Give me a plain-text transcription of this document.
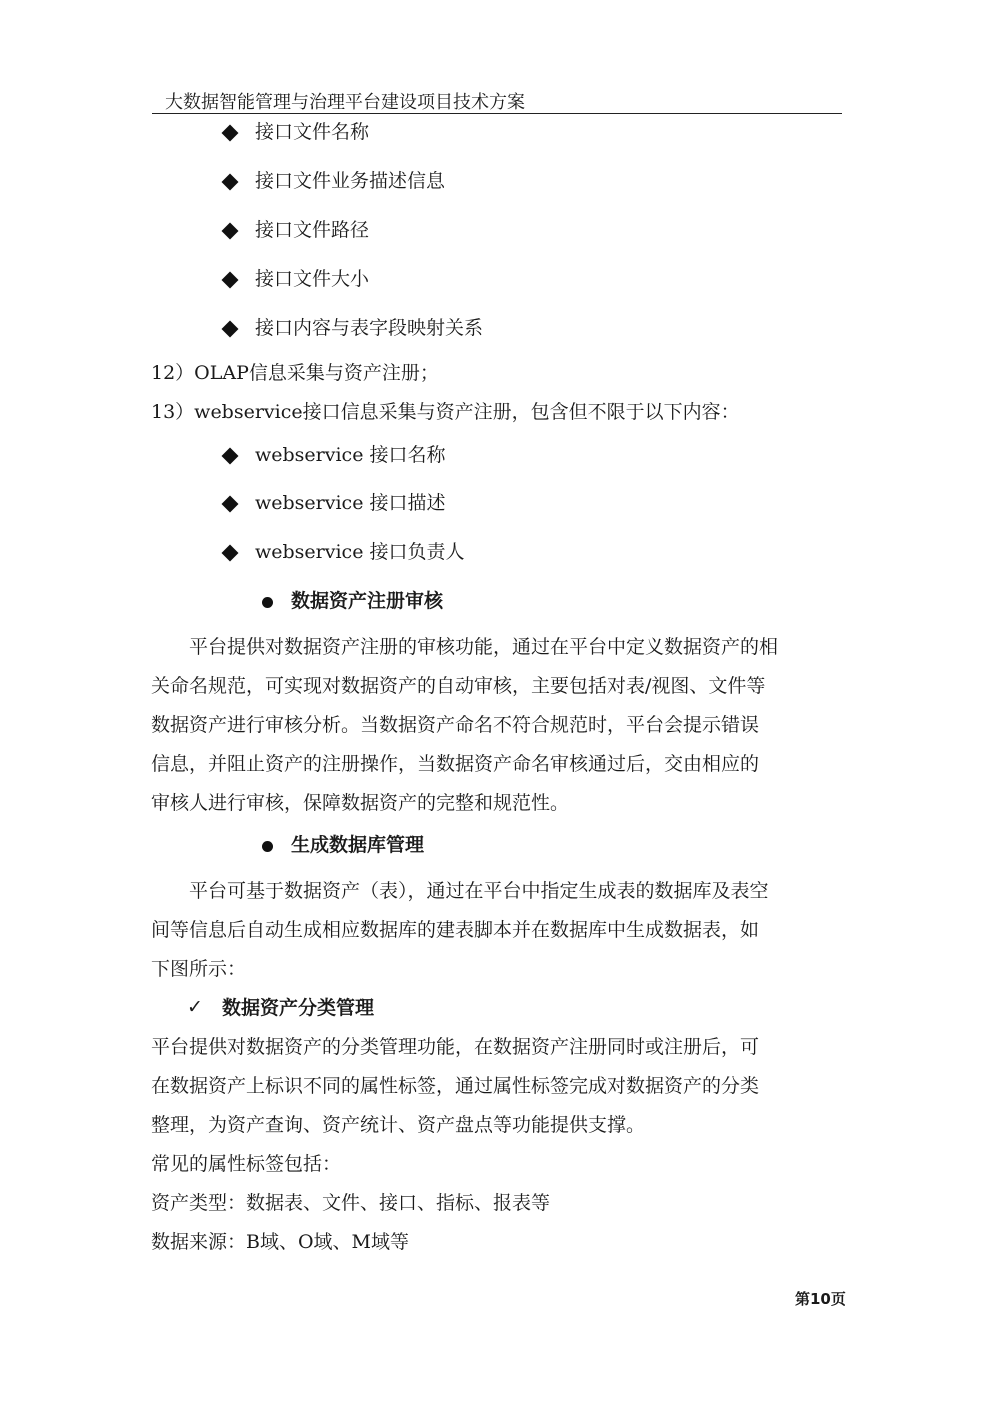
大数据智能管理与治理平台建设项目技术方案
接口文件名称
接口文件业务描述信息
接口文件路径
接口文件大小
接口内容与表字段映射关系
12）OLAP信息采集与资产注册；
13）webservice接口信息采集与资产注册，包含但不限于以下内容：
webservice 接口名称
webservice 接口描述
webservice 接口负责人
数据资产注册审核
平台提供对数据资产注册的审核功能，通过在平台中定义数据资产的相
关命名规范，可实现对数据资产的自动审核，主要包括对表/视图、文件等
数据资产进行审核分析。当数据资产命名不符合规范时，平台会提示错误
信息，并阻止资产的注册操作，当数据资产命名审核通过后，交由相应的
审核人进行审核，保障数据资产的完整和规范性。
生成数据库管理
平台可基于数据资产（表），通过在平台中指定生成表的数据库及表空
间等信息后自动生成相应数据库的建表脚本并在数据库中生成数据表，如
下图所示：
✓ 数据资产分类管理
平台提供对数据资产的分类管理功能，在数据资产注册同时或注册后，可
在数据资产上标识不同的属性标签，通过属性标签完成对数据资产的分类
整理，为资产查询、资产统计、资产盘点等功能提供支撑。
常见的属性标签包括：
资产类型：数据表、文件、接口、指标、报表等
数据来源：B域、O域、M域等
第10页
